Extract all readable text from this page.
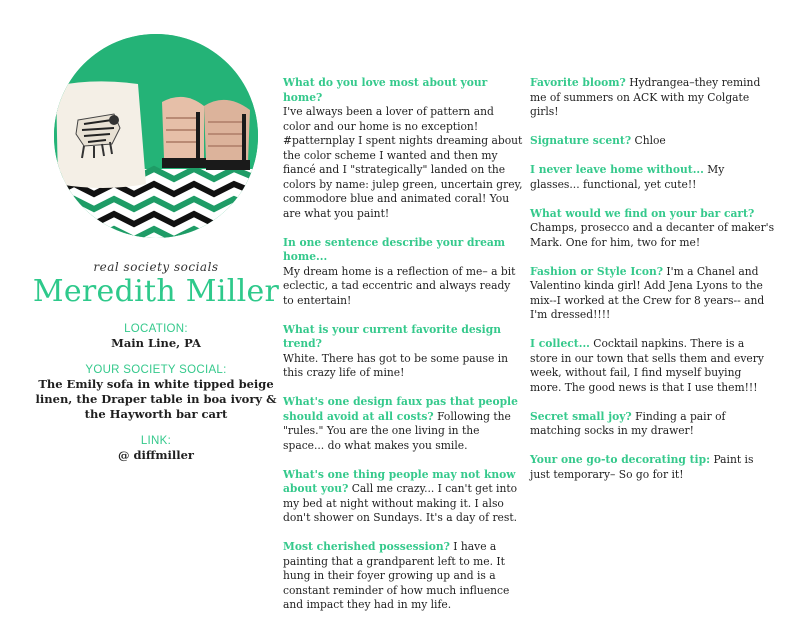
real society socials
Meredith Miller
LOCATION:
Main Line, PA
YOUR SOCIETY SOCIAL:
The Emily sofa in white tipped beige linen, the Draper table in boa ivory & the Hayworth bar cart
LINK:
@ diffmiller

What do you love most about your home?
I've always been a lover of pattern and color and our home is no exception! #patternplay I spent nights dreaming about the color scheme I wanted and then my fiancé and I "strategically" landed on the colors by name: julep green, uncertain grey, commodore blue and animated coral! You are what you paint!

In one sentence describe your dream home...
My dream home is a reflection of me– a bit eclectic, a tad eccentric and always ready to entertain!

What is your current favorite design trend?
White. There has got to be some pause in this crazy life of mine!

What's one design faux pas that people should avoid at all costs? Following the "rules." You are the one living in the space... do what makes you smile.

What's one thing people may not know about you? Call me crazy... I can't get into my bed at night without making it. I also don't shower on Sundays. It's a day of rest.

Most cherished possession? I have a painting that a grandparent left to me. It hung in their foyer growing up and is a constant reminder of how much influence and impact they had in my life.

Favorite bloom? Hydrangea–they remind me of summers on ACK with my Colgate girls!

Signature scent? Chloe

I never leave home without... My glasses... functional, yet cute!!

What would we find on your bar cart?
Champs, prosecco and a decanter of maker's Mark. One for him, two for me!

Fashion or Style Icon? I'm a Chanel and Valentino kinda girl! Add Jena Lyons to the mix--I worked at the Crew for 8 years-- and I'm dressed!!!!

I collect... Cocktail napkins. There is a store in our town that sells them and every week, without fail, I find myself buying more. The good news is that I use them!!!

Secret small joy? Finding a pair of matching socks in my drawer!

Your one go-to decorating tip: Paint is just temporary– So go for it!
